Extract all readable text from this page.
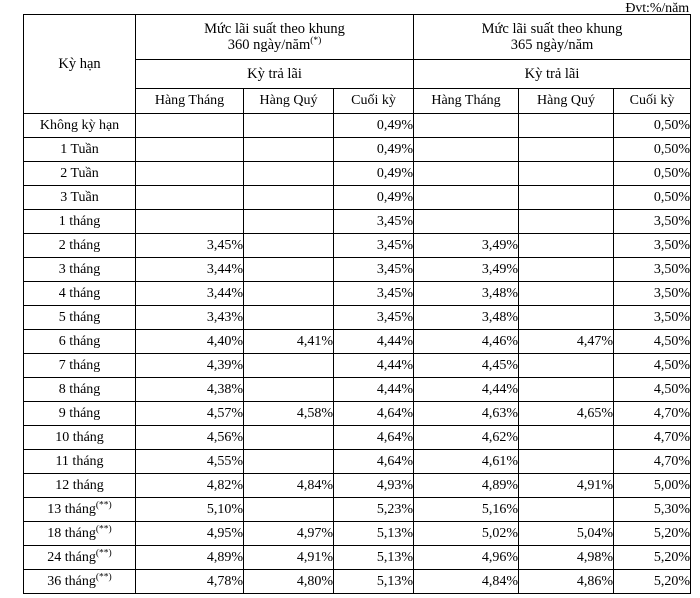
Đvt:%/năm
Kỳ hạn	Mức lãi suất theo khung
360 ngày/năm(*)			Mức lãi suất theo khung
365 ngày/năm		
	Kỳ trả lãi			Kỳ trả lãi		
	Hàng Tháng	Hàng Quý	Cuối kỳ	Hàng Tháng	Hàng Quý	Cuối kỳ
Không kỳ hạn			0,49%			0,50%
1 Tuần			0,49%			0,50%
2 Tuần			0,49%			0,50%
3 Tuần			0,49%			0,50%
1 tháng			3,45%			3,50%
2 tháng	3,45%		3,45%	3,49%		3,50%
3 tháng	3,44%		3,45%	3,49%		3,50%
4 tháng	3,44%		3,45%	3,48%		3,50%
5 tháng	3,43%		3,45%	3,48%		3,50%
6 tháng	4,40%	4,41%	4,44%	4,46%	4,47%	4,50%
7 tháng	4,39%		4,44%	4,45%		4,50%
8 tháng	4,38%		4,44%	4,44%		4,50%
9 tháng	4,57%	4,58%	4,64%	4,63%	4,65%	4,70%
10 tháng	4,56%		4,64%	4,62%		4,70%
11 tháng	4,55%		4,64%	4,61%		4,70%
12 tháng	4,82%	4,84%	4,93%	4,89%	4,91%	5,00%
13 tháng(**)	5,10%		5,23%	5,16%		5,30%
18 tháng(**)	4,95%	4,97%	5,13%	5,02%	5,04%	5,20%
24 tháng(**)	4,89%	4,91%	5,13%	4,96%	4,98%	5,20%
36 tháng(**)	4,78%	4,80%	5,13%	4,84%	4,86%	5,20%
